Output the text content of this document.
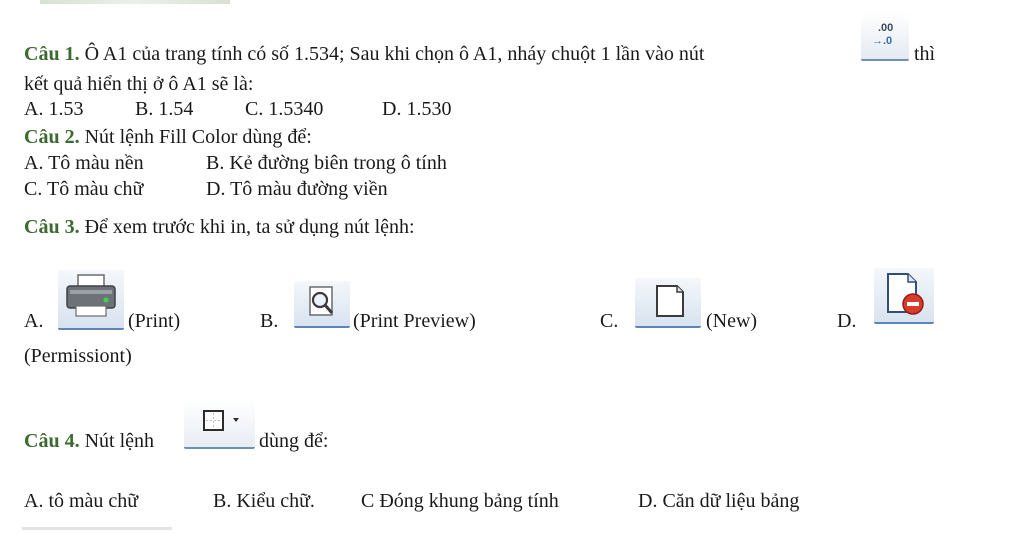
Câu 1. Ô A1 của trang tính có số 1.534; Sau khi chọn ô A1, nháy chuột 1 lần vào nút
.00
→.0
thì
kết quả hiển thị ở ô A1 sẽ là:
A. 1.53	B. 1.54	C. 1.5340	D. 1.530
Câu 2. Nút lệnh Fill Color dùng để:
A. Tô màu nền	B. Kẻ đường biên trong ô tính
C. Tô màu chữ	D. Tô màu đường viền
Câu 3. Để xem trước khi in, ta sử dụng nút lệnh:
A.	(Print)	B.	(Print Preview)	C.	(New)	D.
(Permissiont)
Câu 4. Nút lệnh	dùng để:
A. tô màu chữ	B. Kiểu chữ. C Đóng khung bảng tính	D. Căn dữ liệu bảng
